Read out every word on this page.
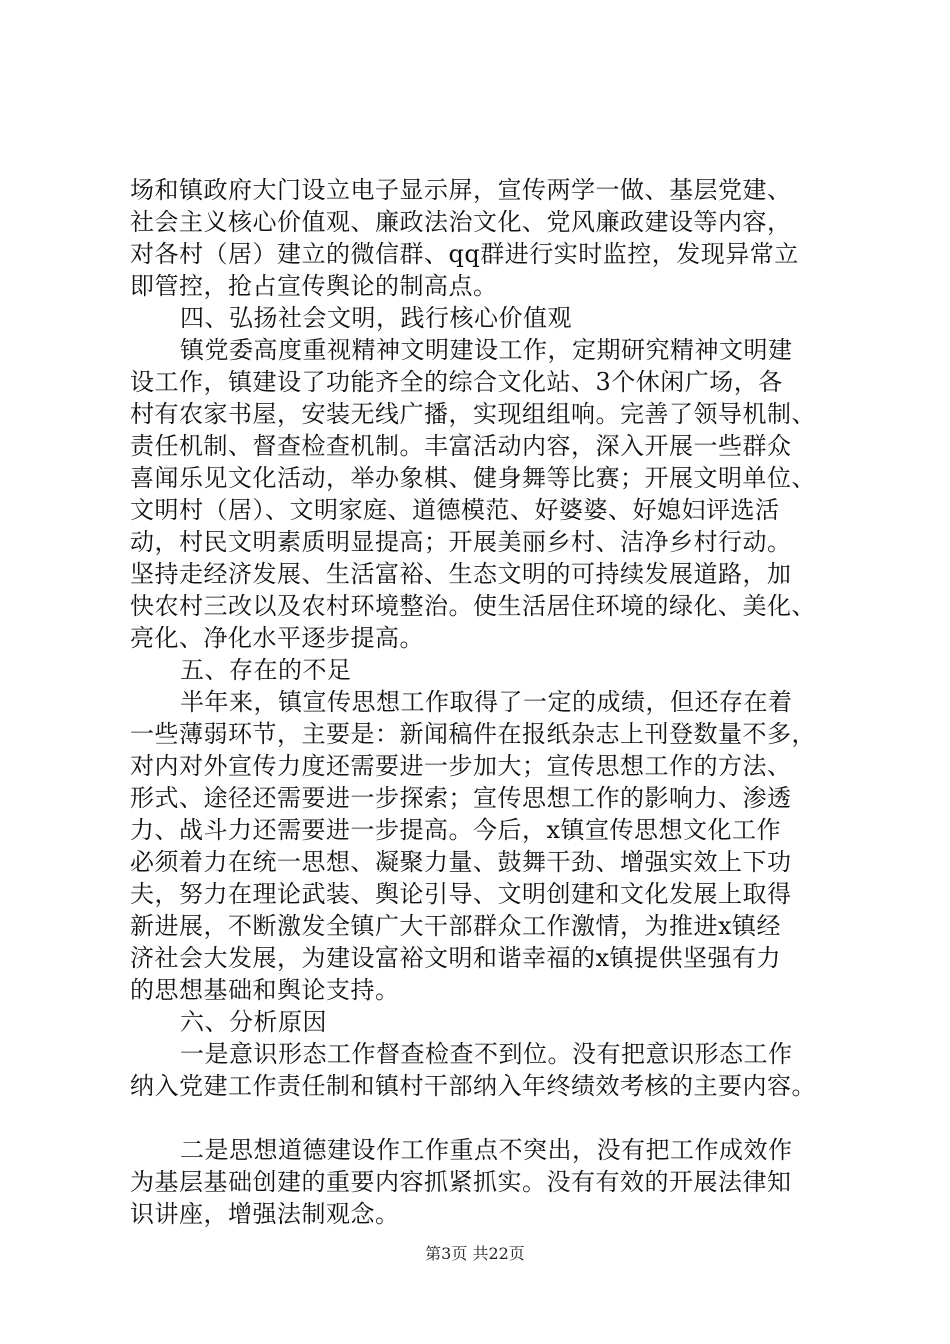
场和镇政府大门设立电子显示屏，宣传两学一做、基层党建、
社会主义核心价值观、廉政法治文化、党风廉政建设等内容，
对各村（居）建立的微信群、qq群进行实时监控，发现异常立
即管控，抢占宣传舆论的制高点。
四、弘扬社会文明，践行核心价值观
镇党委高度重视精神文明建设工作，定期研究精神文明建
设工作，镇建设了功能齐全的综合文化站、3个休闲广场，各
村有农家书屋，安装无线广播，实现组组响。完善了领导机制、
责任机制、督查检查机制。丰富活动内容，深入开展一些群众
喜闻乐见文化活动，举办象棋、健身舞等比赛；开展文明单位、
文明村（居）、文明家庭、道德模范、好婆婆、好媳妇评选活
动，村民文明素质明显提高；开展美丽乡村、洁净乡村行动。
坚持走经济发展、生活富裕、生态文明的可持续发展道路，加
快农村三改以及农村环境整治。使生活居住环境的绿化、美化、
亮化、净化水平逐步提高。
五、存在的不足
半年来，镇宣传思想工作取得了一定的成绩，但还存在着
一些薄弱环节，主要是：新闻稿件在报纸杂志上刊登数量不多，
对内对外宣传力度还需要进一步加大；宣传思想工作的方法、
形式、途径还需要进一步探索；宣传思想工作的影响力、渗透
力、战斗力还需要进一步提高。今后，x镇宣传思想文化工作
必须着力在统一思想、凝聚力量、鼓舞干劲、增强实效上下功
夫，努力在理论武装、舆论引导、文明创建和文化发展上取得
新进展，不断激发全镇广大干部群众工作激情，为推进x镇经
济社会大发展，为建设富裕文明和谐幸福的x镇提供坚强有力
的思想基础和舆论支持。
六、分析原因
一是意识形态工作督查检查不到位。没有把意识形态工作
纳入党建工作责任制和镇村干部纳入年终绩效考核的主要内容。
二是思想道德建设作工作重点不突出，没有把工作成效作
为基层基础创建的重要内容抓紧抓实。没有有效的开展法律知
识讲座，增强法制观念。
第3页 共22页
